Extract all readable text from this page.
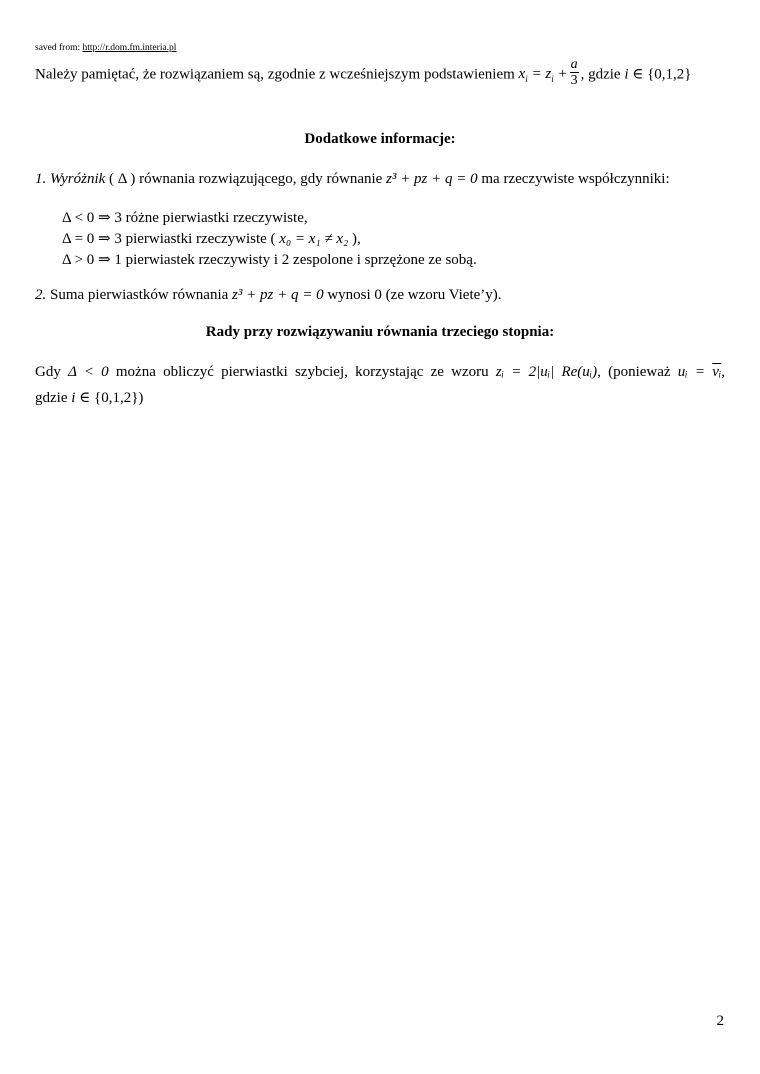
saved from: http://r.dom.fm.interia.pl
Należy pamiętać, że rozwiązaniem są, zgodnie z wcześniejszym podstawieniem $x_i = z_i + \frac{a}{3}$ , gdzie i ∈ {0,1,2}
Dodatkowe informacje:
1. Wyróżnik ( Δ ) równania rozwiązującego, gdy równanie z³ + pz + q = 0 ma rzeczywiste współczynniki:
Δ < 0 ⇒ 3 różne pierwiastki rzeczywiste,
Δ = 0 ⇒ 3 pierwiastki rzeczywiste ( x₀ = x₁ ≠ x₂ ),
Δ > 0 ⇒ 1 pierwiastek rzeczywisty i 2 zespolone i sprzężone ze sobą.
2. Suma pierwiastków równania z³ + pz + q = 0 wynosi 0 (ze wzoru Viete’y).
Rady przy rozwiązywaniu równania trzeciego stopnia:
Gdy Δ < 0 można obliczyć pierwiastki szybciej, korzystając ze wzoru zᵢ = 2|uᵢ| Re(uᵢ), (ponieważ uᵢ = $\overline{vᵢ}$,
gdzie i ∈ {0,1,2})
2
